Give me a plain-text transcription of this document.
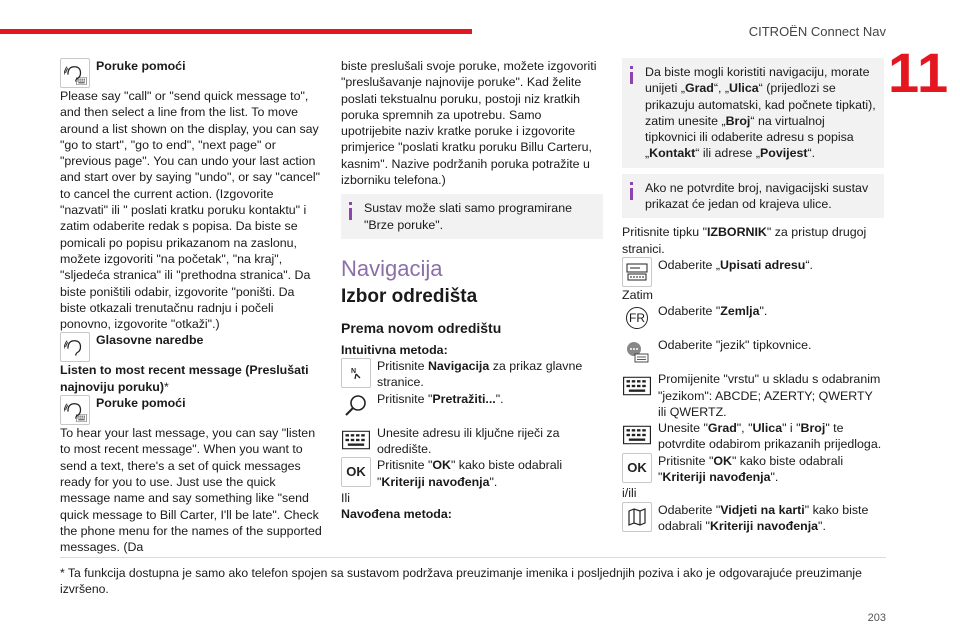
CITROËN Connect Nav
11
Poruke pomoći

Please say "call" or "send quick message to", and then select a line from the list. To move around a list shown on the display, you can say "go to start", "go to end", "next page" or "previous page". You can undo your last action and start over by saying "undo", or say "cancel" to cancel the current action. (Izgovorite "nazvati" ili " poslati kratku poruku kontaktu" i zatim odaberite redak s popisa. Da biste se pomicali po popisu prikazanom na zaslonu, možete izgovoriti "na početak", "na kraj", "sljedeća stranica" ili "prethodna stranica". Da biste poništili odabir, izgovorite "poništi. Da biste otkazali trenutačnu radnju i počeli ponovno, izgovorite "otkaži".)

Glasovne naredbe

Listen to most recent message (Preslušati najnoviju poruku)*

Poruke pomoći

To hear your last message, you can say "listen to most recent message". When you want to send a text, there's a set of quick messages ready for you to use. Just use the quick message name and say something like "send quick message to Bill Carter, I'll be late". Check the phone menu for the names of the supported messages. (Da

biste preslušali svoje poruke, možete izgovoriti "preslušavanje najnovije poruke". Kad želite poslati tekstualnu poruku, postoji niz kratkih poruka spremnih za upotrebu. Samo upotrijebite naziv kratke poruke i izgovorite primjerice "poslati kratku poruku Billu Carteru, kasnim". Nazive podržanih poruka potražite u izborniku telefona.)

Sustav može slati samo programirane "Brze poruke".
Navigacija
Izbor odredišta
Prema novom odredištu

Intuitivna metoda:

N Pritisnite Navigacija za prikaz glavne stranice.
Pritisnite "Pretražiti...".
Unesite adresu ili ključne riječi za odredište.
OK Pritisnite "OK" kako biste odabrali "Kriteriji navođenja".

Ili

Navođena metoda:

Da biste mogli koristiti navigaciju, morate unijeti „Grad“, „Ulica“ (prijedlozi se prikazuju automatski, kad počnete tipkati), zatim unesite „Broj“ na virtualnoj tipkovnici ili odaberite adresu s popisa „Kontakt“ ili adrese „Povijest“.
Ako ne potvrdite broj, navigacijski sustav prikazat će jedan od krajeva ulice.

Pritisnite tipku "IZBORNIK" za pristup drugoj stranici.

Odaberite „Upisati adresu“.

Zatim

FR Odaberite "Zemlja".
Odaberite "jezik" tipkovnice.
Promijenite "vrstu" u skladu s odabranim "jezikom": ABCDE; AZERTY; QWERTY ili QWERTZ.
Unesite "Grad", "Ulica" i "Broj" te potvrdite odabirom prikazanih prijedloga.
OK Pritisnite "OK" kako biste odabrali "Kriteriji navođenja".

i/ili

Odaberite "Vidjeti na karti" kako biste odabrali "Kriteriji navođenja".
* Ta funkcija dostupna je samo ako telefon spojen sa sustavom podržava preuzimanje imenika i posljednjih poziva i ako je odgovarajuće preuzimanje izvršeno.
203
